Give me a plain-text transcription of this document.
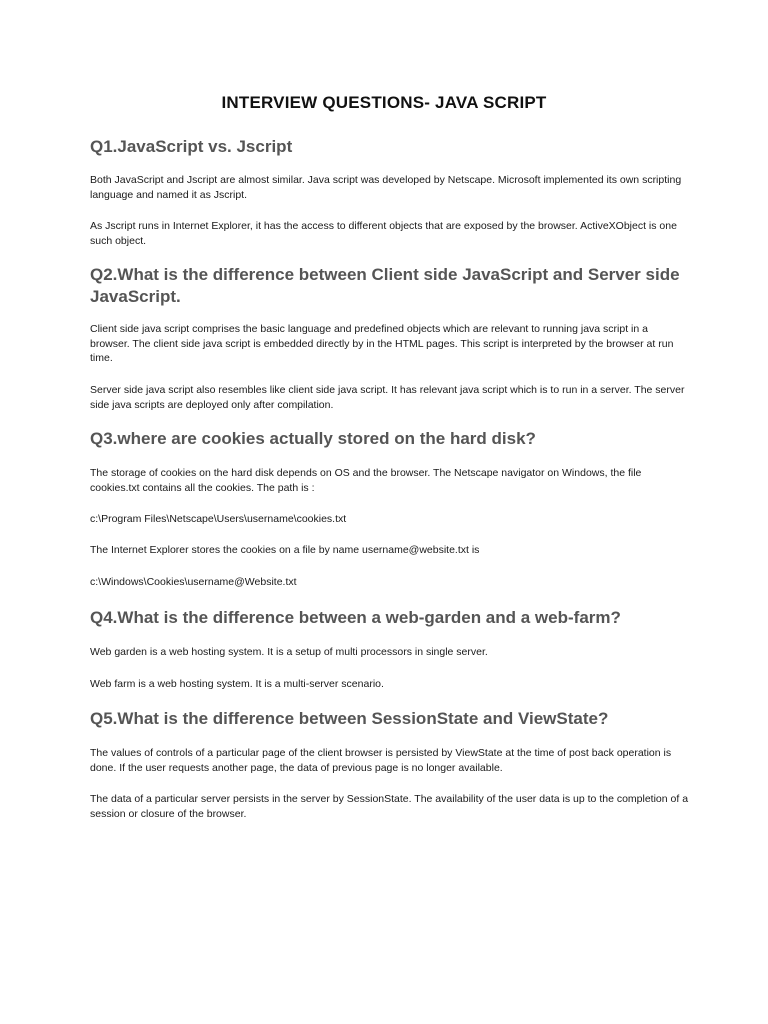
INTERVIEW QUESTIONS- JAVA SCRIPT
Q1.JavaScript vs. Jscript
Both JavaScript and Jscript are almost similar. Java script was developed by Netscape. Microsoft implemented its own scripting language and named it as Jscript.
As Jscript runs in Internet Explorer, it has the access to different objects that are exposed by the browser. ActiveXObject is one such object.
Q2.What is the difference between Client side JavaScript and Server side JavaScript.
Client side java script comprises the basic language and predefined objects which are relevant to running java script in a browser. The client side java script is embedded directly by in the HTML pages. This script is interpreted by the browser at run time.
Server side java script also resembles like client side java script. It has relevant java script which is to run in a server. The server side java scripts are deployed only after compilation.
Q3.where are cookies actually stored on the hard disk?
The storage of cookies on the hard disk depends on OS and the browser. The Netscape navigator on Windows, the file cookies.txt contains all the cookies. The path is :
c:\Program Files\Netscape\Users\username\cookies.txt
The Internet Explorer stores the cookies on a file by name username@website.txt is
c:\Windows\Cookies\username@Website.txt
Q4.What is the difference between a web-garden and a web-farm?
Web garden is a web hosting system. It is a setup of multi processors in single server.
Web farm is a web hosting system. It is a multi-server scenario.
Q5.What is the difference between SessionState and ViewState?
The values of controls of a particular page of the client browser is persisted by ViewState at the time of post back operation is done. If the user requests another page, the data of previous page is no longer available.
The data of a particular server persists in the server by SessionState. The availability of the user data is up to the completion of a session or closure of the browser.
